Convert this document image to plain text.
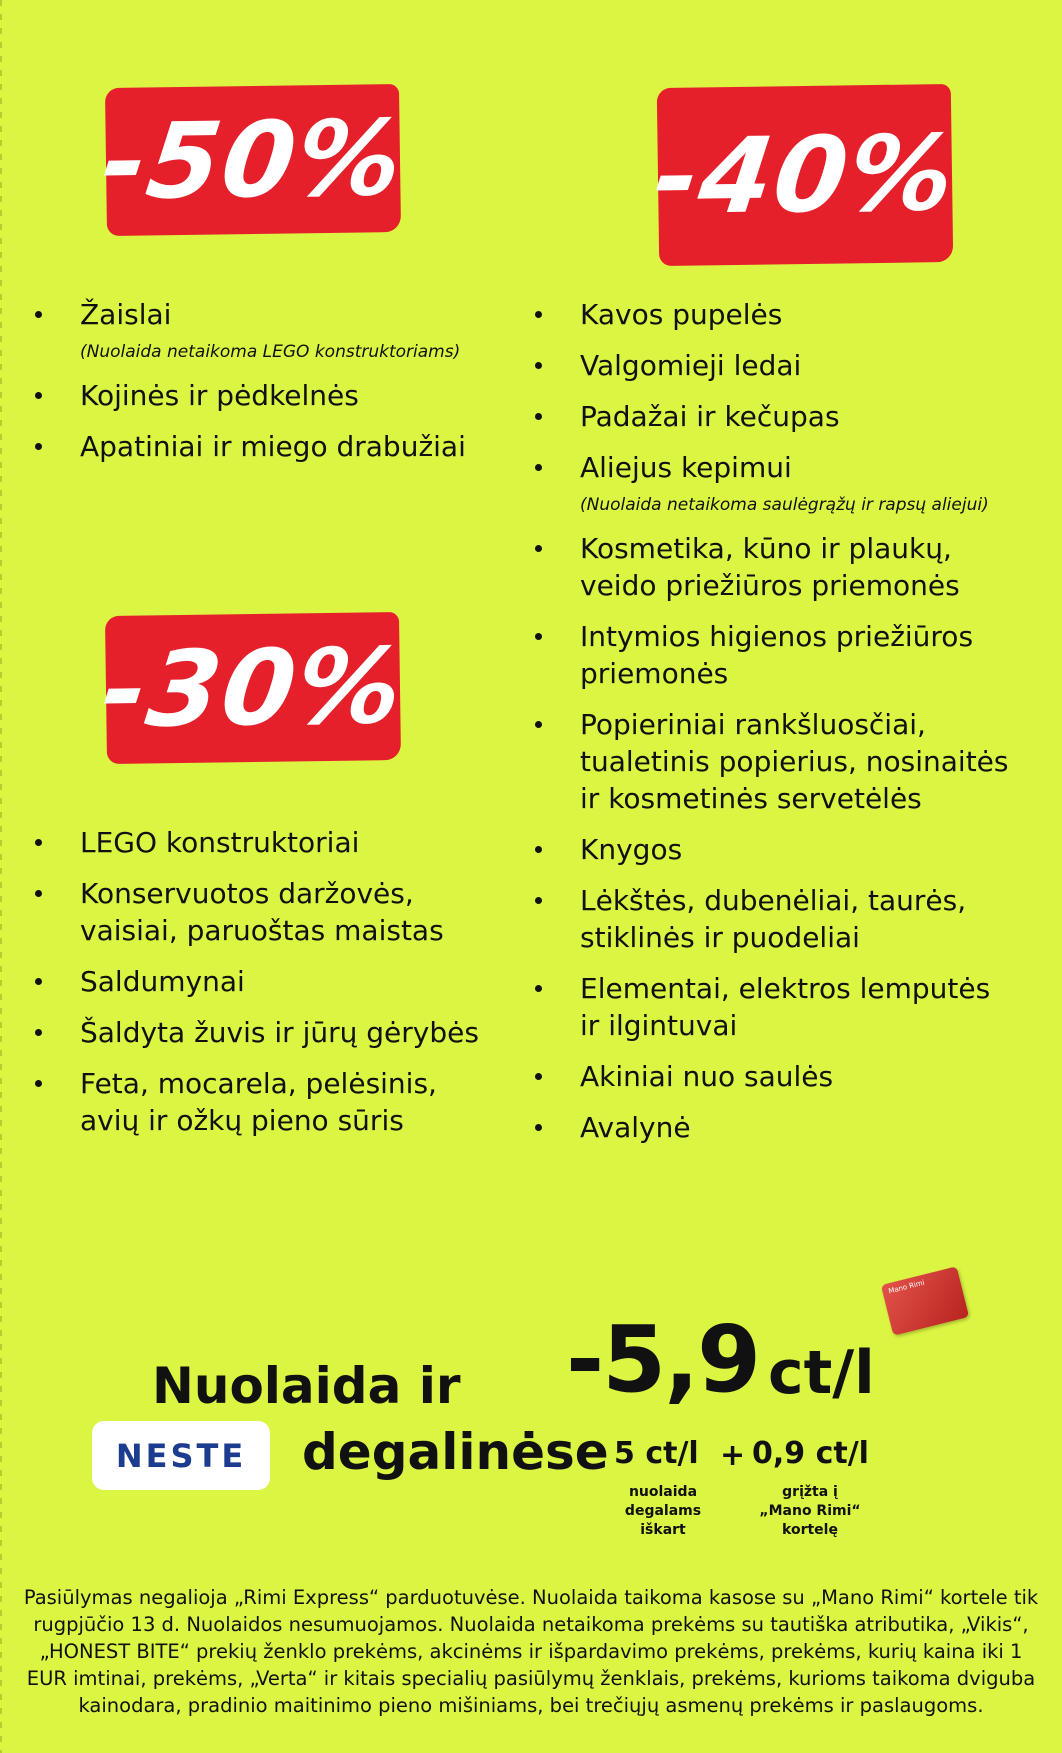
-50% -40%
-30%
Žaislai
(Nuolaida netaikoma LEGO konstruktoriams)
Kojinės ir pėdkelnės
Apatiniai ir miego drabužiai
LEGO konstruktoriai
Konservuotos daržovės,
vaisiai, paruoštas maistas
Saldumynai
Šaldyta žuvis ir jūrų gėrybės
Feta, mocarela, pelėsinis,
avių ir ožkų pieno sūris
Kavos pupelės
Valgomieji ledai
Padažai ir kečupas
Aliejus kepimui
(Nuolaida netaikoma saulėgrąžų ir rapsų aliejui)
Kosmetika, kūno ir plaukų,
veido priežiūros priemonės
Intymios higienos priežiūros
priemonės
Popieriniai rankšluosčiai,
tualetinis popierius, nosinaitės
ir kosmetinės servetėlės
Knygos
Lėkštės, dubenėliai, taurės,
stiklinės ir puodeliai
Elementai, elektros lemputės
ir ilgintuvai
Akiniai nuo saulės
Avalynė
Nuolaida ir
NESTE degalinėse
-5,9 ct/l
Mano Rimi
5 ct/l + 0,9 ct/l
nuolaida
degalams
iškart
grįžta į
„Mano Rimi“
kortelę
Pasiūlymas negalioja „Rimi Express“ parduotuvėse. Nuolaida taikoma kasose su „Mano Rimi“ kortele tik rugpjūčio 13 d. Nuolaidos nesumuojamos. Nuolaida netaikoma prekėms su tautiška atributika, „Vikis“, „HONEST BITE“ prekių ženklo prekėms, akcinėms ir išpardavimo prekėms, prekėms, kurių kaina iki 1 EUR imtinai, prekėms, „Verta“ ir kitais specialių pasiūlymų ženklais, prekėms, kurioms taikoma dviguba kainodara, pradinio maitinimo pieno mišiniams, bei trečiųjų asmenų prekėms ir paslaugoms.
